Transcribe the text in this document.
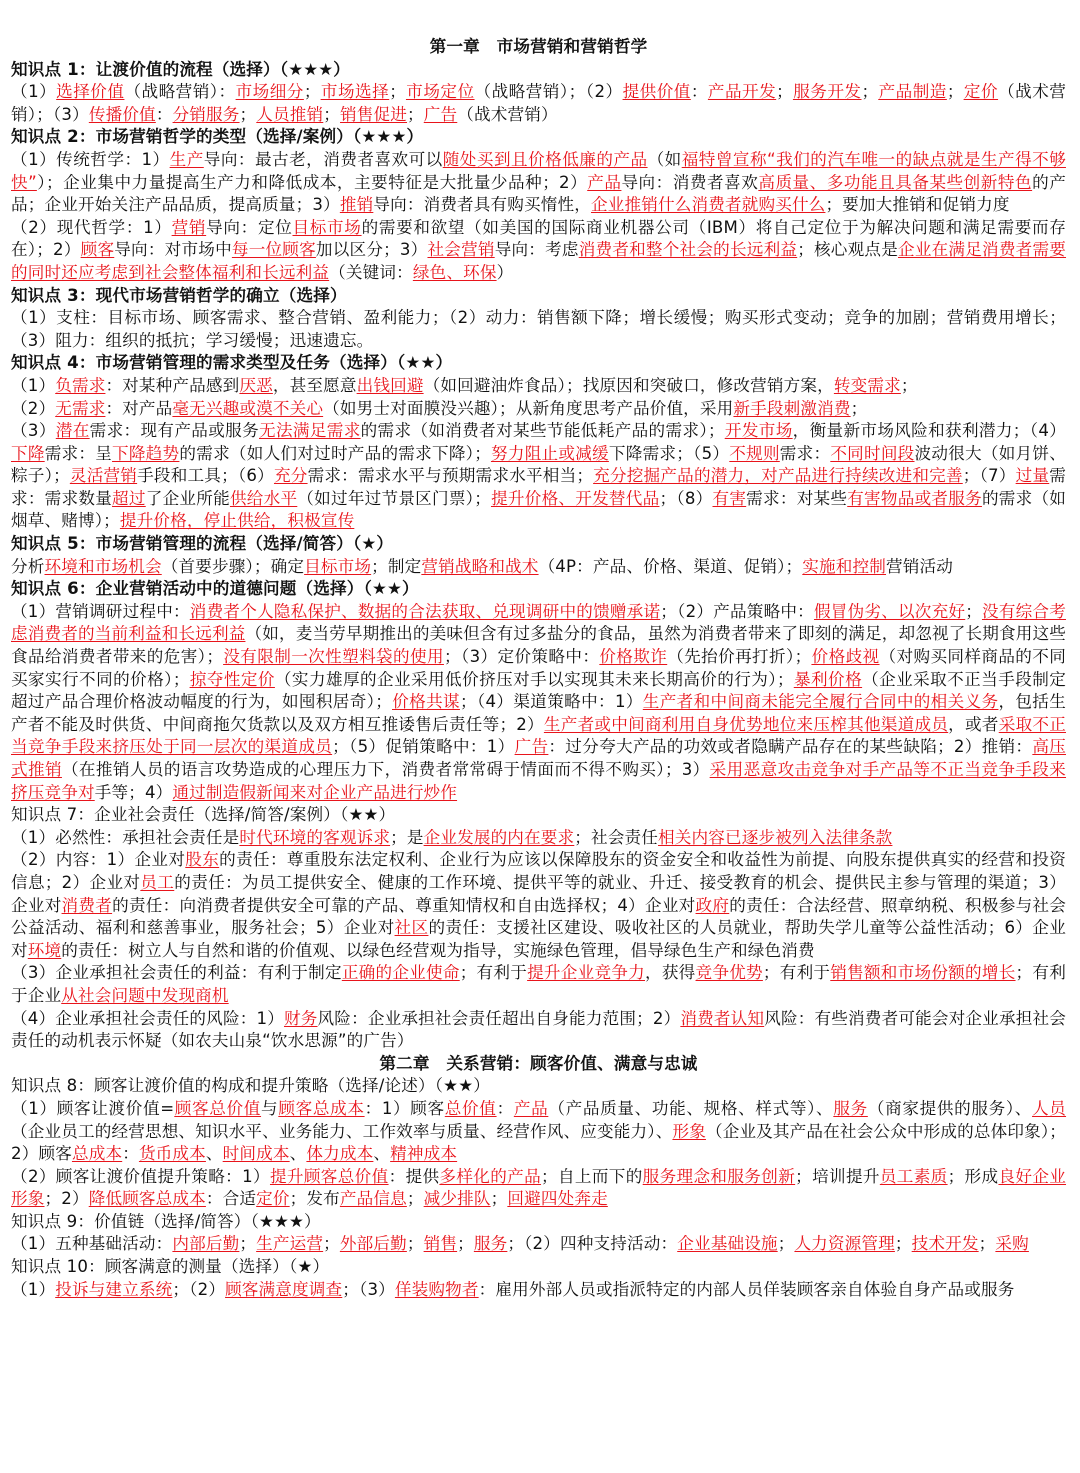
第一章　市场营销和营销哲学
知识点 1：让渡价值的流程（选择）（★★★）
（1）选择价值（战略营销）：市场细分；市场选择；市场定位（战略营销）；（2）提供价值：产品开发；服务开发；产品制造；定价（战术营销）；（3）传播价值：分销服务；人员推销；销售促进；广告（战术营销）
知识点 2：市场营销哲学的类型（选择/案例）（★★★）
（1）传统哲学：1）生产导向：最古老，消费者喜欢可以随处买到且价格低廉的产品（如福特曾宣称“我们的汽车唯一的缺点就是生产得不够快”）；企业集中力量提高生产力和降低成本，主要特征是大批量少品种；2）产品导向：消费者喜欢高质量、多功能且具备某些创新特色的产品；企业开始关注产品品质，提高质量；3）推销导向：消费者具有购买惰性，企业推销什么消费者就购买什么；要加大推销和促销力度
（2）现代哲学：1）营销导向：定位目标市场的需要和欲望（如美国的国际商业机器公司（IBM）将自己定位于为解决问题和满足需要而存在）；2）顾客导向：对市场中每一位顾客加以区分；3）社会营销导向：考虑消费者和整个社会的长远利益；核心观点是企业在满足消费者需要的同时还应考虑到社会整体福利和长远利益（关键词：绿色、环保）
知识点 3：现代市场营销哲学的确立（选择）
（1）支柱：目标市场、顾客需求、整合营销、盈利能力；（2）动力：销售额下降；增长缓慢；购买形式变动；竞争的加剧；营销费用增长；（3）阻力：组织的抵抗；学习缓慢；迅速遗忘。
知识点 4：市场营销管理的需求类型及任务（选择）（★★）
（1）负需求：对某种产品感到厌恶，甚至愿意出钱回避（如回避油炸食品）；找原因和突破口，修改营销方案，转变需求；
（2）无需求：对产品毫无兴趣或漠不关心（如男士对面膜没兴趣）；从新角度思考产品价值，采用新手段刺激消费；
（3）潜在需求：现有产品或服务无法满足需求的需求（如消费者对某些节能低耗产品的需求）；开发市场，衡量新市场风险和获利潜力；（4）下降需求：呈下降趋势的需求（如人们对过时产品的需求下降）；努力阻止或减缓下降需求；（5）不规则需求：不同时间段波动很大（如月饼、粽子）；灵活营销手段和工具；（6）充分需求：需求水平与预期需求水平相当；充分挖掘产品的潜力，对产品进行持续改进和完善；（7）过量需求：需求数量超过了企业所能供给水平（如过年过节景区门票）；提升价格、开发替代品；（8）有害需求：对某些有害物品或者服务的需求（如烟草、赌博）；提升价格，停止供给，积极宣传
知识点 5：市场营销管理的流程（选择/简答）（★）
分析环境和市场机会（首要步骤）；确定目标市场；制定营销战略和战术（4P：产品、价格、渠道、促销）；实施和控制营销活动
知识点 6：企业营销活动中的道德问题（选择）（★★）
（1）营销调研过程中：消费者个人隐私保护、数据的合法获取、兑现调研中的馈赠承诺；（2）产品策略中：假冒伪劣、以次充好；没有综合考虑消费者的当前利益和长远利益（如，麦当劳早期推出的美味但含有过多盐分的食品，虽然为消费者带来了即刻的满足，却忽视了长期食用这些食品给消费者带来的危害）；没有限制一次性塑料袋的使用；（3）定价策略中：价格欺诈（先抬价再打折）；价格歧视（对购买同样商品的不同买家实行不同的价格）；掠夺性定价（实力雄厚的企业采用低价挤压对手以实现其未来长期高价的行为）；暴利价格（企业采取不正当手段制定超过产品合理价格波动幅度的行为，如囤积居奇）；价格共谋；（4）渠道策略中：1）生产者和中间商未能完全履行合同中的相关义务，包括生产者不能及时供货、中间商拖欠货款以及双方相互推诿售后责任等；2）生产者或中间商利用自身优势地位来压榨其他渠道成员，或者采取不正当竞争手段来挤压处于同一层次的渠道成员；（5）促销策略中：1）广告：过分夸大产品的功效或者隐瞒产品存在的某些缺陷；2）推销：高压式推销（在推销人员的语言攻势造成的心理压力下，消费者常常碍于情面而不得不购买）；3）采用恶意攻击竞争对手产品等不正当竞争手段来挤压竞争对手等；4）通过制造假新闻来对企业产品进行炒作
知识点 7：企业社会责任（选择/简答/案例）（★★）
（1）必然性：承担社会责任是时代环境的客观诉求；是企业发展的内在要求；社会责任相关内容已逐步被列入法律条款
（2）内容：1）企业对股东的责任：尊重股东法定权利、企业行为应该以保障股东的资金安全和收益性为前提、向股东提供真实的经营和投资信息；2）企业对员工的责任：为员工提供安全、健康的工作环境、提供平等的就业、升迁、接受教育的机会、提供民主参与管理的渠道；3）企业对消费者的责任：向消费者提供安全可靠的产品、尊重知情权和自由选择权；4）企业对政府的责任：合法经营、照章纳税、积极参与社会公益活动、福利和慈善事业，服务社会；5）企业对社区的责任：支援社区建设、吸收社区的人员就业，帮助失学儿童等公益性活动；6）企业对环境的责任：树立人与自然和谐的价值观、以绿色经营观为指导，实施绿色管理，倡导绿色生产和绿色消费
（3）企业承担社会责任的利益：有利于制定正确的企业使命；有利于提升企业竞争力，获得竞争优势；有利于销售额和市场份额的增长；有利于企业从社会问题中发现商机
（4）企业承担社会责任的风险：1）财务风险：企业承担社会责任超出自身能力范围；2）消费者认知风险：有些消费者可能会对企业承担社会责任的动机表示怀疑（如农夫山泉“饮水思源”的广告）
第二章　关系营销：顾客价值、满意与忠诚
知识点 8：顾客让渡价值的构成和提升策略（选择/论述）（★★）
（1）顾客让渡价值=顾客总价值与顾客总成本：1）顾客总价值：产品（产品质量、功能、规格、样式等）、服务（商家提供的服务）、人员（企业员工的经营思想、知识水平、业务能力、工作效率与质量、经营作风、应变能力）、形象（企业及其产品在社会公众中形成的总体印象）；2）顾客总成本：货币成本、时间成本、体力成本、精神成本
（2）顾客让渡价值提升策略：1）提升顾客总价值：提供多样化的产品；自上而下的服务理念和服务创新；培训提升员工素质；形成良好企业形象；2）降低顾客总成本：合适定价；发布产品信息；减少排队；回避四处奔走
知识点 9：价值链（选择/简答）（★★★）
（1）五种基础活动：内部后勤；生产运营；外部后勤；销售；服务；（2）四种支持活动：企业基础设施；人力资源管理；技术开发；采购
知识点 10：顾客满意的测量（选择）（★）
（1）投诉与建立系统；（2）顾客满意度调查；（3）佯装购物者：雇用外部人员或指派特定的内部人员佯装顾客亲自体验自身产品或服务
